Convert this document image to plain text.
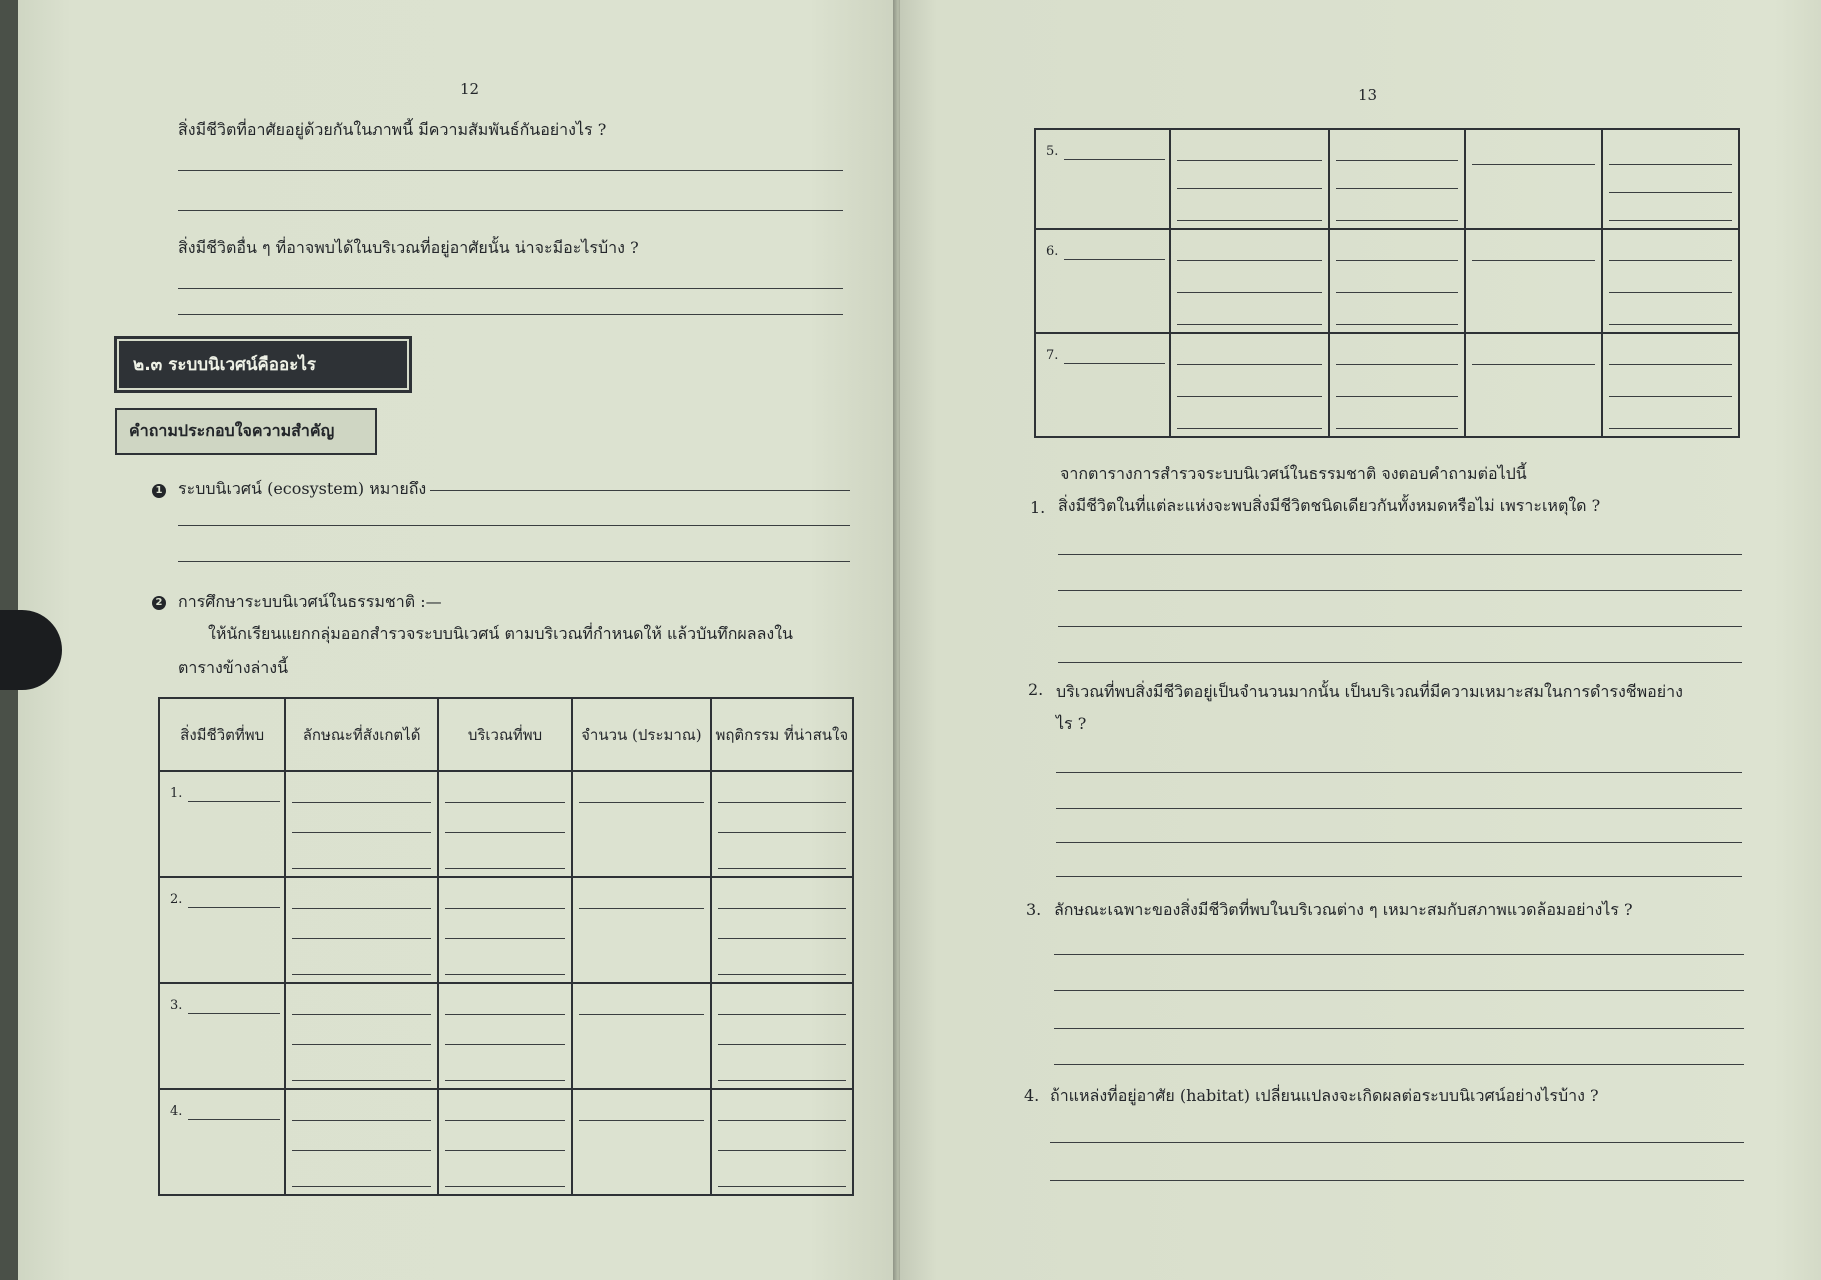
12
สิ่งมีชีวิตที่อาศัยอยู่ด้วยกันในภาพนี้ มีความสัมพันธ์กันอย่างไร ?
สิ่งมีชีวิตอื่น ๆ ที่อาจพบได้ในบริเวณที่อยู่อาศัยนั้น น่าจะมีอะไรบ้าง ?
๒.๓ ระบบนิเวศน์คืออะไร
คำถามประกอบใจความสำคัญ
1 ระบบนิเวศน์ (ecosystem) หมายถึง
2 การศึกษาระบบนิเวศน์ในธรรมชาติ :—
ให้นักเรียนแยกกลุ่มออกสำรวจระบบนิเวศน์ ตามบริเวณที่กำหนดให้ แล้วบันทึกผลลงใน
ตารางข้างล่างนี้
สิ่งมีชีวิตที่พบ	ลักษณะที่สังเกตได้	บริเวณที่พบ	จำนวน (ประมาณ)	พฤติกรรม ที่น่าสนใจ

1.				

2.				

3.				

4.				

13
5.				

6.				

7.				

จากตารางการสำรวจระบบนิเวศน์ในธรรมชาติ จงตอบคำถามต่อไปนี้
1. สิ่งมีชีวิตในที่แต่ละแห่งจะพบสิ่งมีชีวิตชนิดเดียวกันทั้งหมดหรือไม่ เพราะเหตุใด ?
2. บริเวณที่พบสิ่งมีชีวิตอยู่เป็นจำนวนมากนั้น เป็นบริเวณที่มีความเหมาะสมในการดำรงชีพอย่าง
ไร ?
3. ลักษณะเฉพาะของสิ่งมีชีวิตที่พบในบริเวณต่าง ๆ เหมาะสมกับสภาพแวดล้อมอย่างไร ?
4. ถ้าแหล่งที่อยู่อาศัย (habitat) เปลี่ยนแปลงจะเกิดผลต่อระบบนิเวศน์อย่างไรบ้าง ?
